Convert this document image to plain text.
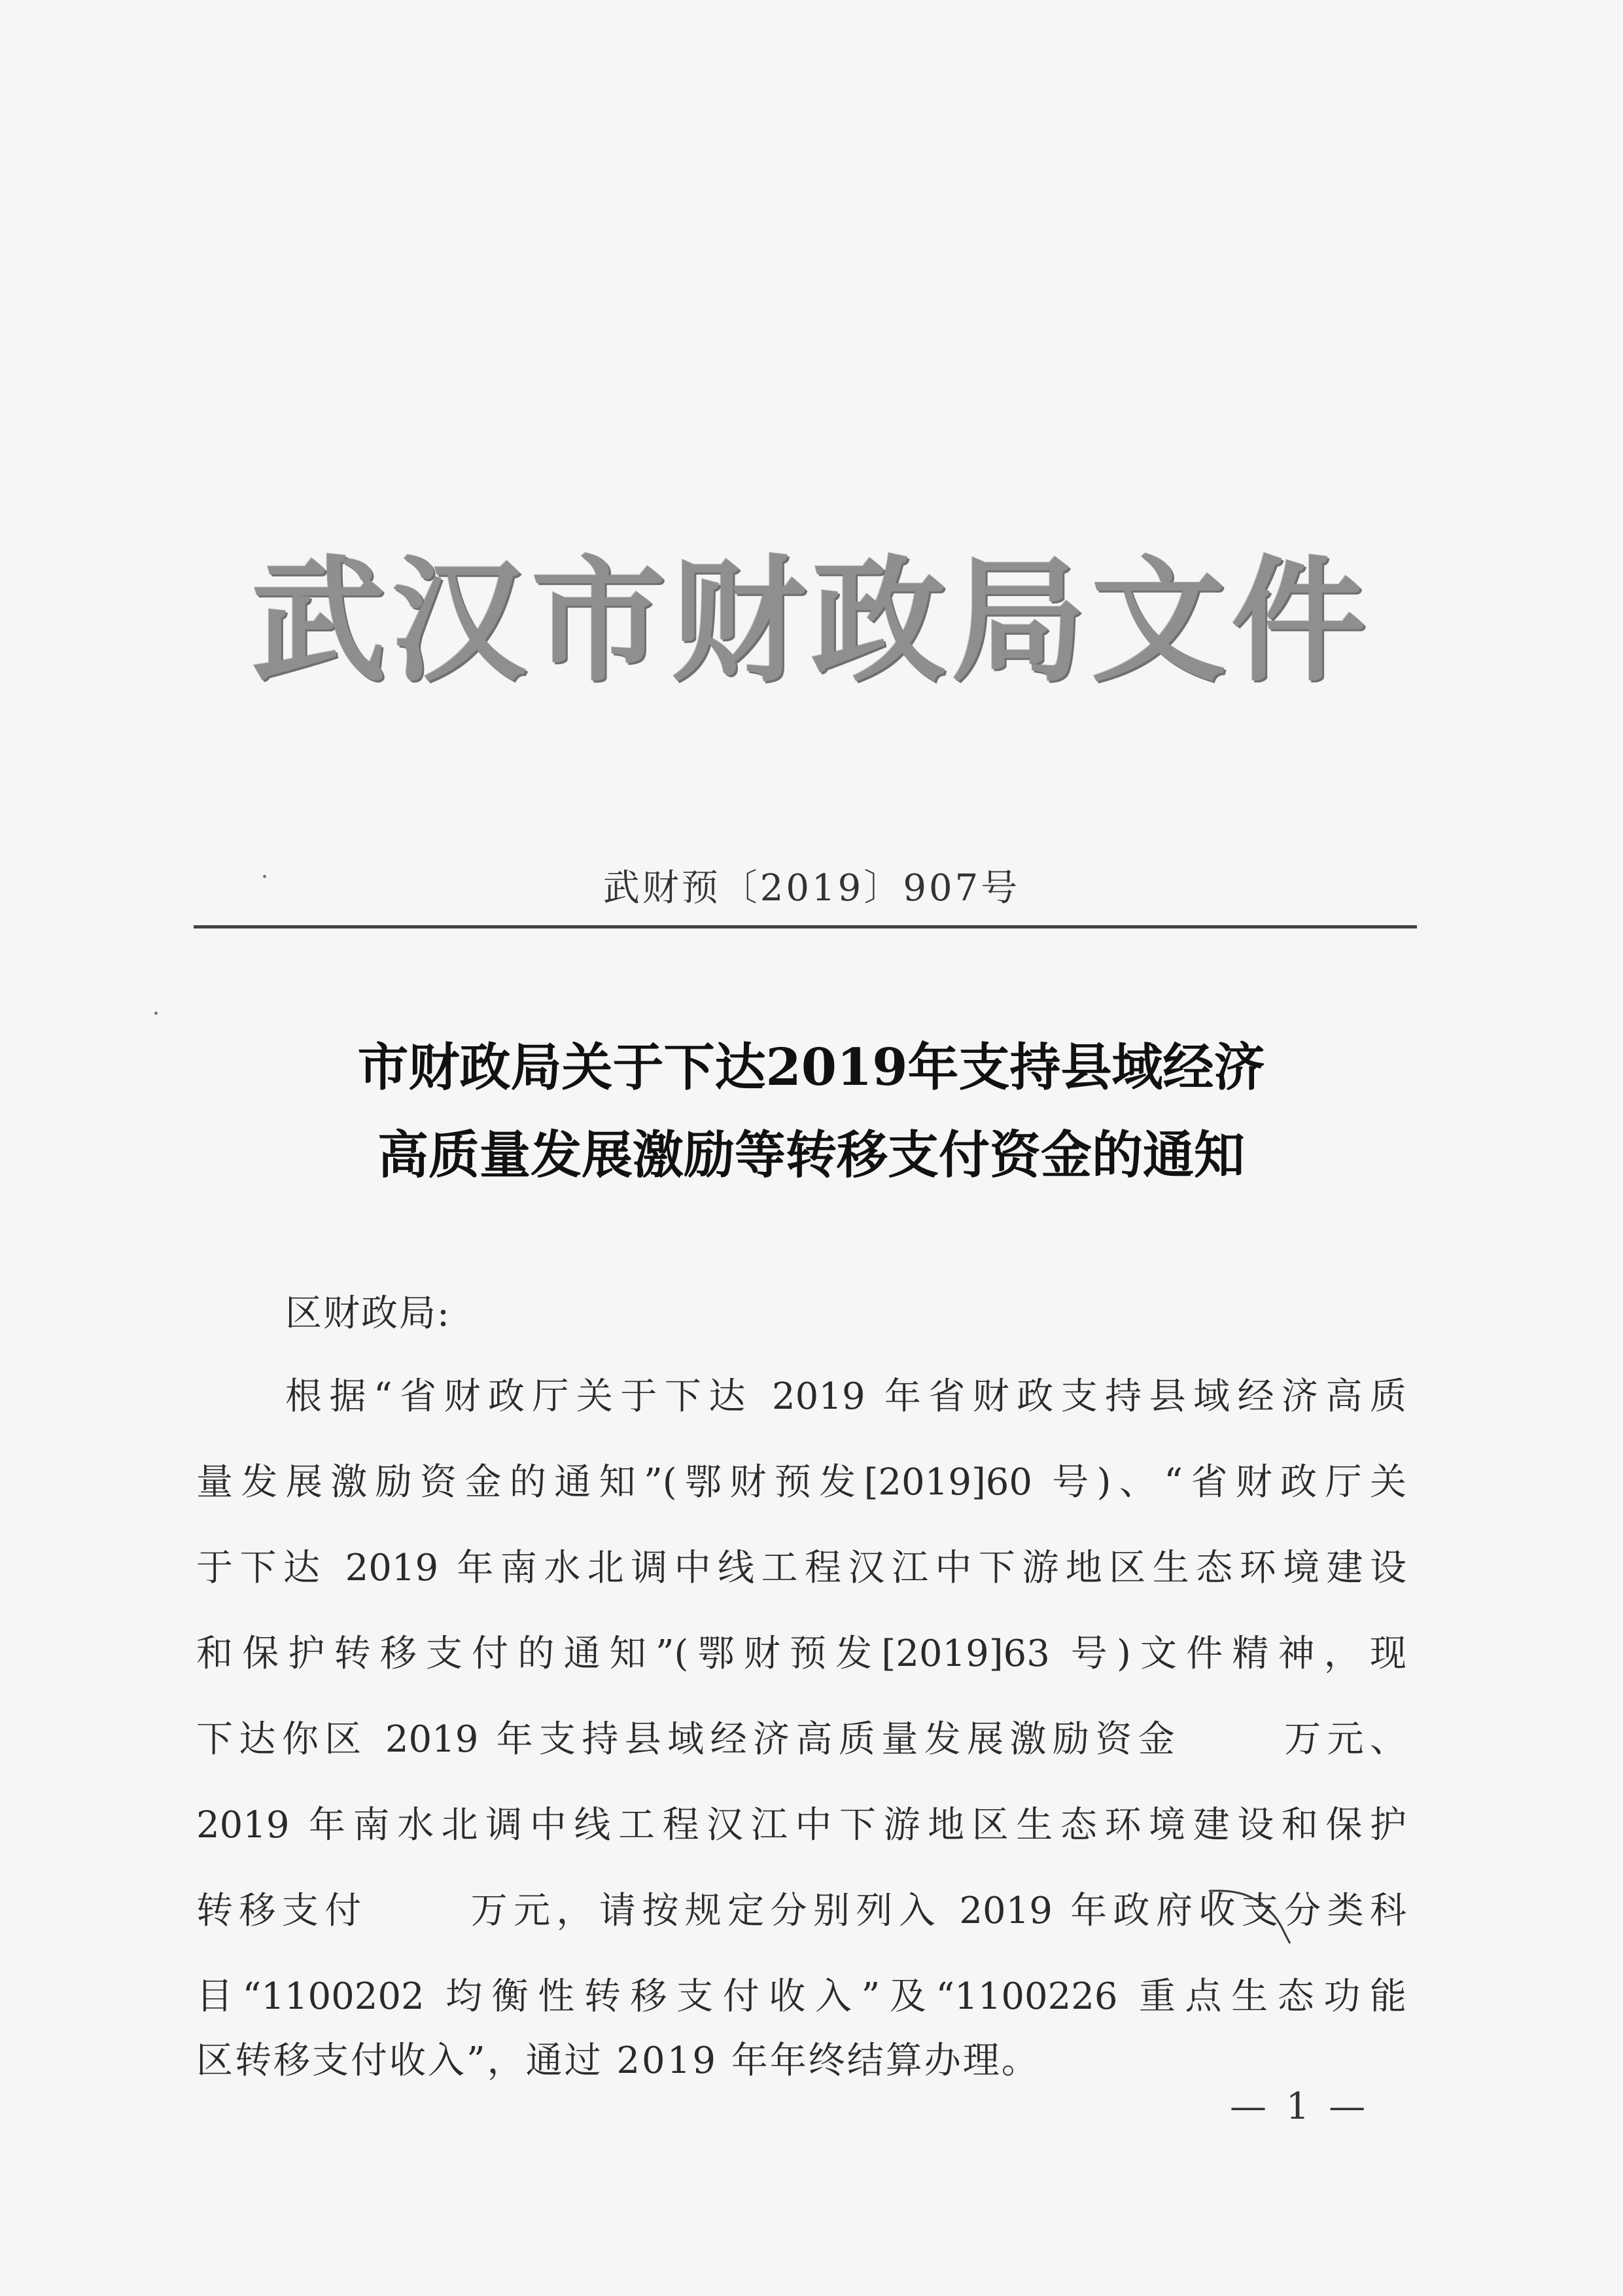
武汉市财政局文件
武财预〔2019〕907号
市财政局关于下达2019年支持县域经济
高质量发展激励等转移支付资金的通知
区财政局:
根据“省财政厅关于下达 2019 年省财政支持县域经济高质
量发展激励资金的通知”(鄂财预发[2019]60 号)、“省财政厅关
于下达 2019 年南水北调中线工程汉江中下游地区生态环境建设
和保护转移支付的通知”(鄂财预发[2019]63 号)文件精神，现
下达你区 2019 年支持县域经济高质量发展激励资金　　 万元、
2019 年南水北调中线工程汉江中下游地区生态环境建设和保护
转移支付　　 万元，请按规定分别列入 2019 年政府收支分类科
目“1100202 均衡性转移支付收入”及“1100226 重点生态功能
区转移支付收入”，通过 2019 年年终结算办理。
— 1 —
